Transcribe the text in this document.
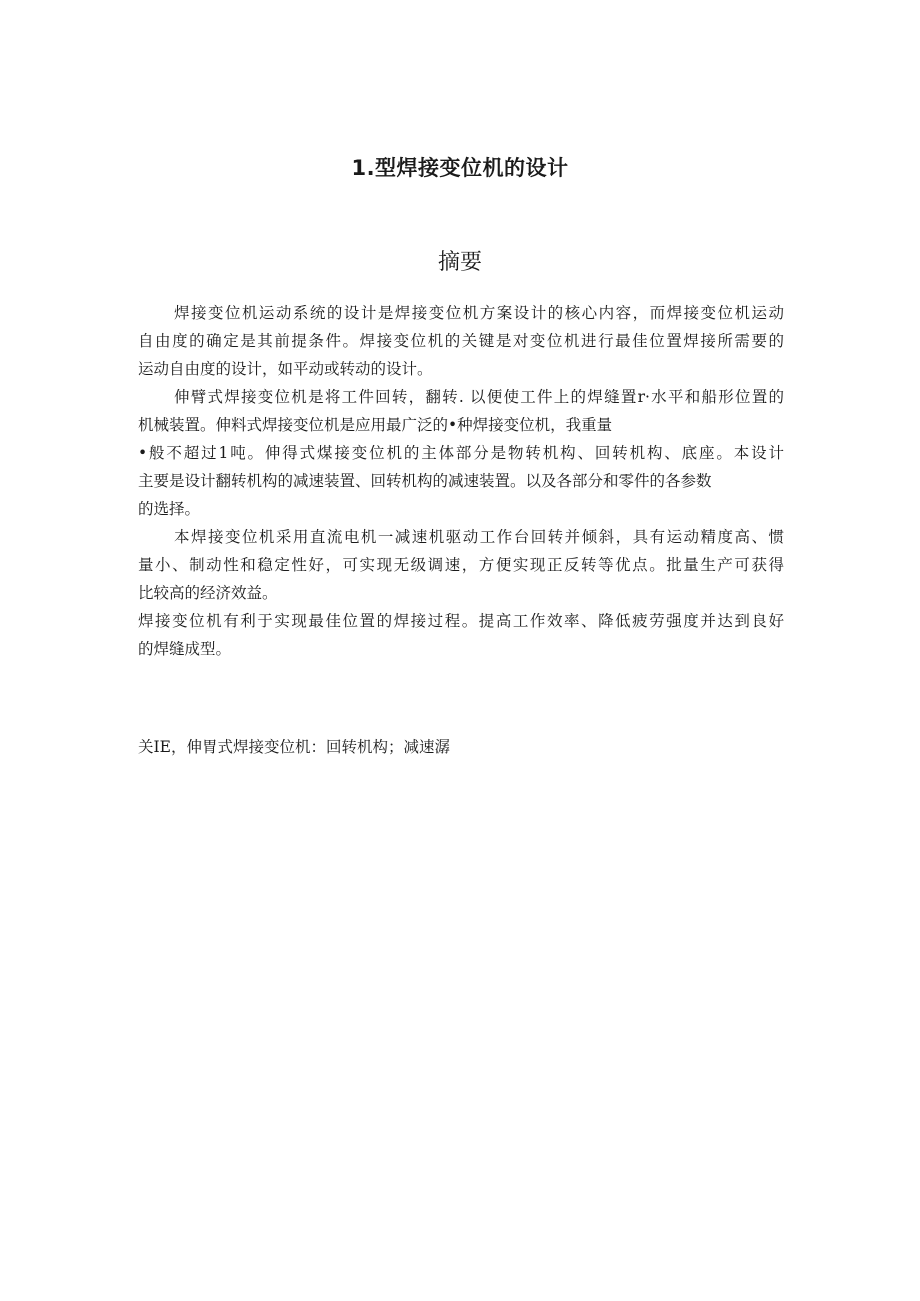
1.型焊接变位机的设计
摘要
焊接变位机运动系统的设计是焊接变位机方案设计的核心内容，而焊接变位机运动
自由度的确定是其前提条件。焊接变位机的关键是对变位机进行最佳位置焊接所需要的
运动自由度的设计，如平动或转动的设计。
伸臂式焊接变位机是将工件回转，翻转. 以便使工件上的焊缝置r·水平和船形位置的
机械装置。伸料式焊接变位机是应用最广泛的•种焊接变位机，我重量
•般不超过1吨。伸得式煤接变位机的主体部分是物转机构、回转机构、底座。本设计
主要是设计翻转机构的减速装置、回转机构的减速装置。以及各部分和零件的各参数
的选择。
本焊接变位机采用直流电机一减速机驱动工作台回转并倾斜，具有运动精度高、惯
量小、制动性和稳定性好，可实现无级调速，方便实现正反转等优点。批量生产可获得
比较高的经济效益。
焊接变位机有利于实现最佳位置的焊接过程。提高工作效率、降低疲劳强度并达到良好
的焊缝成型。
关IE，伸胃式焊接变位机：回转机构；减速潺
